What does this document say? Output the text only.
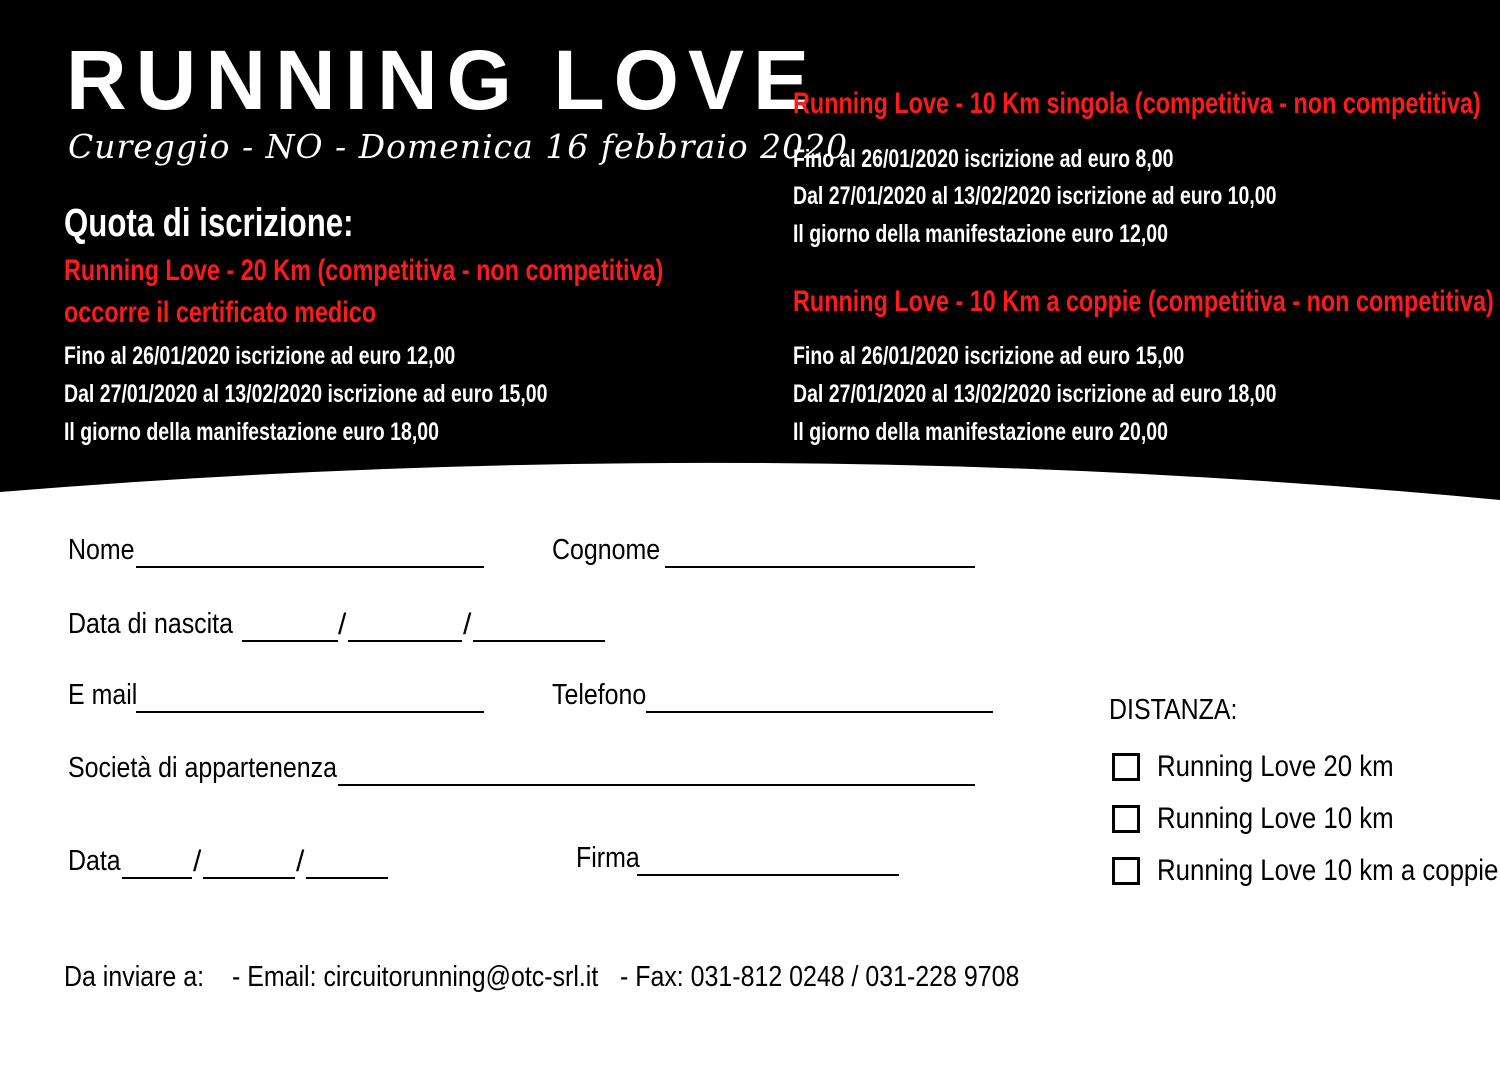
RUNNING LOVE
Cureggio - NO - Domenica 16 febbraio 2020
Quota di iscrizione:
Running Love - 20 Km (competitiva - non competitiva)
occorre il certificato medico
Fino al 26/01/2020 iscrizione ad euro 12,00
Dal 27/01/2020 al 13/02/2020 iscrizione ad euro 15,00
Il giorno della manifestazione euro 18,00
Running Love - 10 Km singola (competitiva - non competitiva)
Fino al 26/01/2020 iscrizione ad euro 8,00
Dal 27/01/2020 al 13/02/2020 iscrizione ad euro 10,00
Il giorno della manifestazione euro 12,00
Running Love - 10 Km a coppie (competitiva - non competitiva)
Fino al 26/01/2020 iscrizione ad euro 15,00
Dal 27/01/2020 al 13/02/2020 iscrizione ad euro 18,00
Il giorno della manifestazione euro 20,00
Nome	Cognome
Data di nascita	/	/
E mail	Telefono
Società di appartenenza
Data /	/	Firma
DISTANZA:
Running Love 20 km
Running Love 10 km
Running Love 10 km a coppie
Da inviare a: - Email: circuitorunning@otc-srl.it - Fax: 031-812 0248 / 031-228 9708
